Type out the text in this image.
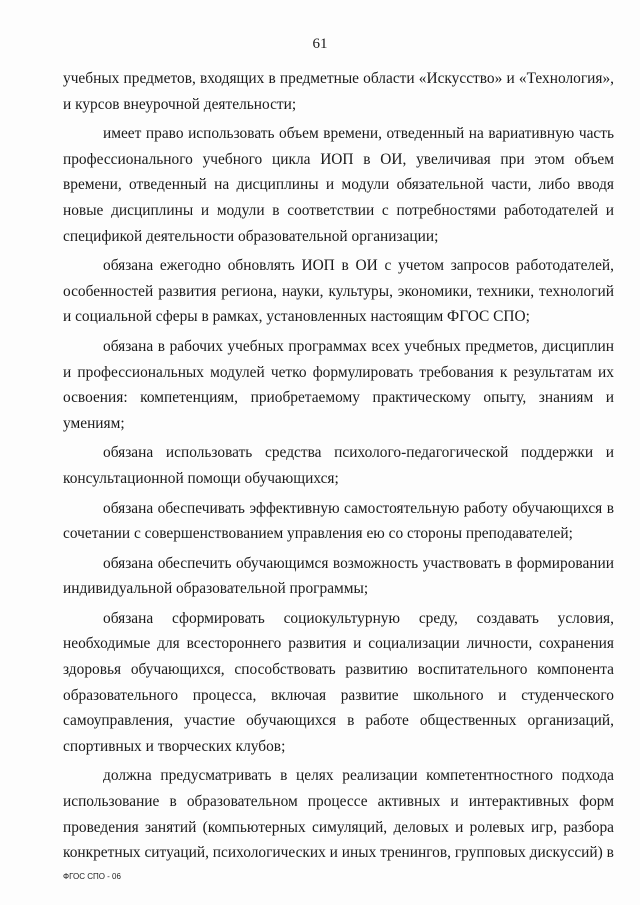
61

учебных предметов, входящих в предметные области «Искусство» и «Технология», и курсов внеурочной деятельности;

имеет право использовать объем времени, отведенный на вариативную часть профессионального учебного цикла ИОП в ОИ, увеличивая при этом объем времени, отведенный на дисциплины и модули обязательной части, либо вводя новые дисциплины и модули в соответствии с потребностями работодателей и спецификой деятельности образовательной организации;

обязана ежегодно обновлять ИОП в ОИ с учетом запросов работодателей, особенностей развития региона, науки, культуры, экономики, техники, технологий и социальной сферы в рамках, установленных настоящим ФГОС СПО;

обязана в рабочих учебных программах всех учебных предметов, дисциплин и профессиональных модулей четко формулировать требования к результатам их освоения: компетенциям, приобретаемому практическому опыту, знаниям и умениям;

обязана использовать средства психолого-педагогической поддержки и консультационной помощи обучающихся;

обязана обеспечивать эффективную самостоятельную работу обучающихся в сочетании с совершенствованием управления ею со стороны преподавателей;

обязана обеспечить обучающимся возможность участвовать в формировании индивидуальной образовательной программы;

обязана сформировать социокультурную среду, создавать условия, необходимые для всестороннего развития и социализации личности, сохранения здоровья обучающихся, способствовать развитию воспитательного компонента образовательного процесса, включая развитие школьного и студенческого самоуправления, участие обучающихся в работе общественных организаций, спортивных и творческих клубов;

должна предусматривать в целях реализации компетентностного подхода использование в образовательном процессе активных и интерактивных форм проведения занятий (компьютерных симуляций, деловых и ролевых игр, разбора конкретных ситуаций, психологических и иных тренингов, групповых дискуссий) в

ФГОС СПО - 06
